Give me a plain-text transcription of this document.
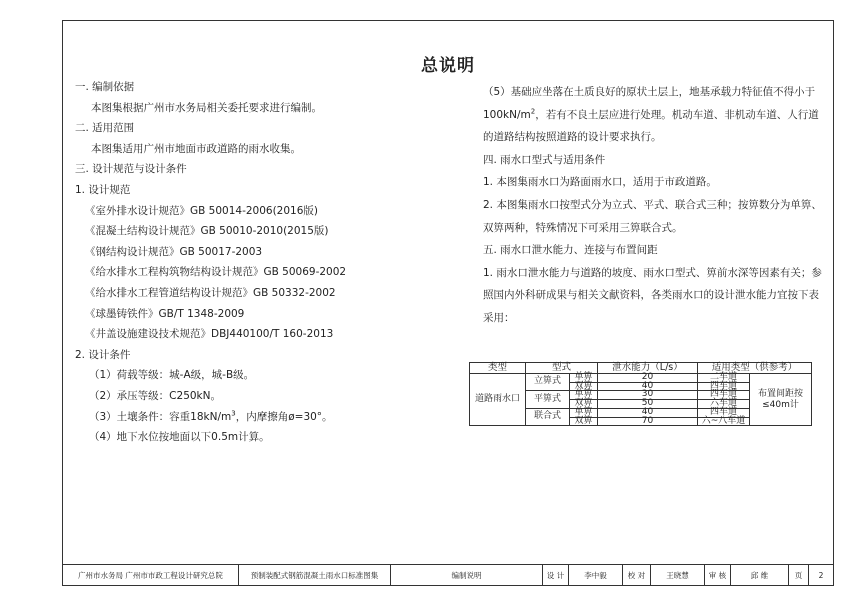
总说明

一. 编制依据

本图集根据广州市水务局相关委托要求进行编制。

二. 适用范围

本图集适用广州市地面市政道路的雨水收集。

三. 设计规范与设计条件

1. 设计规范

《室外排水设计规范》GB 50014-2006(2016版)

《混凝土结构设计规范》GB 50010-2010(2015版)

《钢结构设计规范》GB 50017-2003

《给水排水工程构筑物结构设计规范》GB 50069-2002

《给水排水工程管道结构设计规范》GB 50332-2002

《球墨铸铁件》GB/T 1348-2009

《井盖设施建设技术规范》DBJ440100/T 160-2013

2. 设计条件

（1）荷载等级：城-A级，城-B级。

（2）承压等级：C250kN。

（3）土壤条件：容重$18kN/m^3$，内摩擦角ø=30°。

（4）地下水位按地面以下0.5m计算。

（5）基础应坐落在土质良好的原状土层上，地基承载力特征值不得小于

$100kN/m^2$，若有不良土层应进行处理。机动车道、非机动车道、人行道

的道路结构按照道路的设计要求执行。

四. 雨水口型式与适用条件

1. 本图集雨水口为路面雨水口，适用于市政道路。

2. 本图集雨水口按型式分为立式、平式、联合式三种；按箅数分为单箅、

双箅两种，特殊情况下可采用三箅联合式。

五. 雨水口泄水能力、连接与布置间距

1. 雨水口泄水能力与道路的坡度、雨水口型式、箅前水深等因素有关；参

照国内外科研成果与相关文献资料，各类雨水口的设计泄水能力宜按下表

采用：

类型	型式		泄水能力（L/s）	适用类型（供参考）	
道路雨水口	立箅式	单箅	20	二车道	布置间距按
≤40m计
		双箅	40	四车道	
	平箅式	单箅	30	四车道	
		双箅	50	六车道	
	联合式	单箅	40	四车道	
		双箅	70	六~八车道	
广州市水务局 广州市市政工程设计研究总院	预制装配式钢筋混凝土雨水口标准图集	编制说明	设 计	李中毅	校 对	王晓慧	审 核	邱 维	页	2
